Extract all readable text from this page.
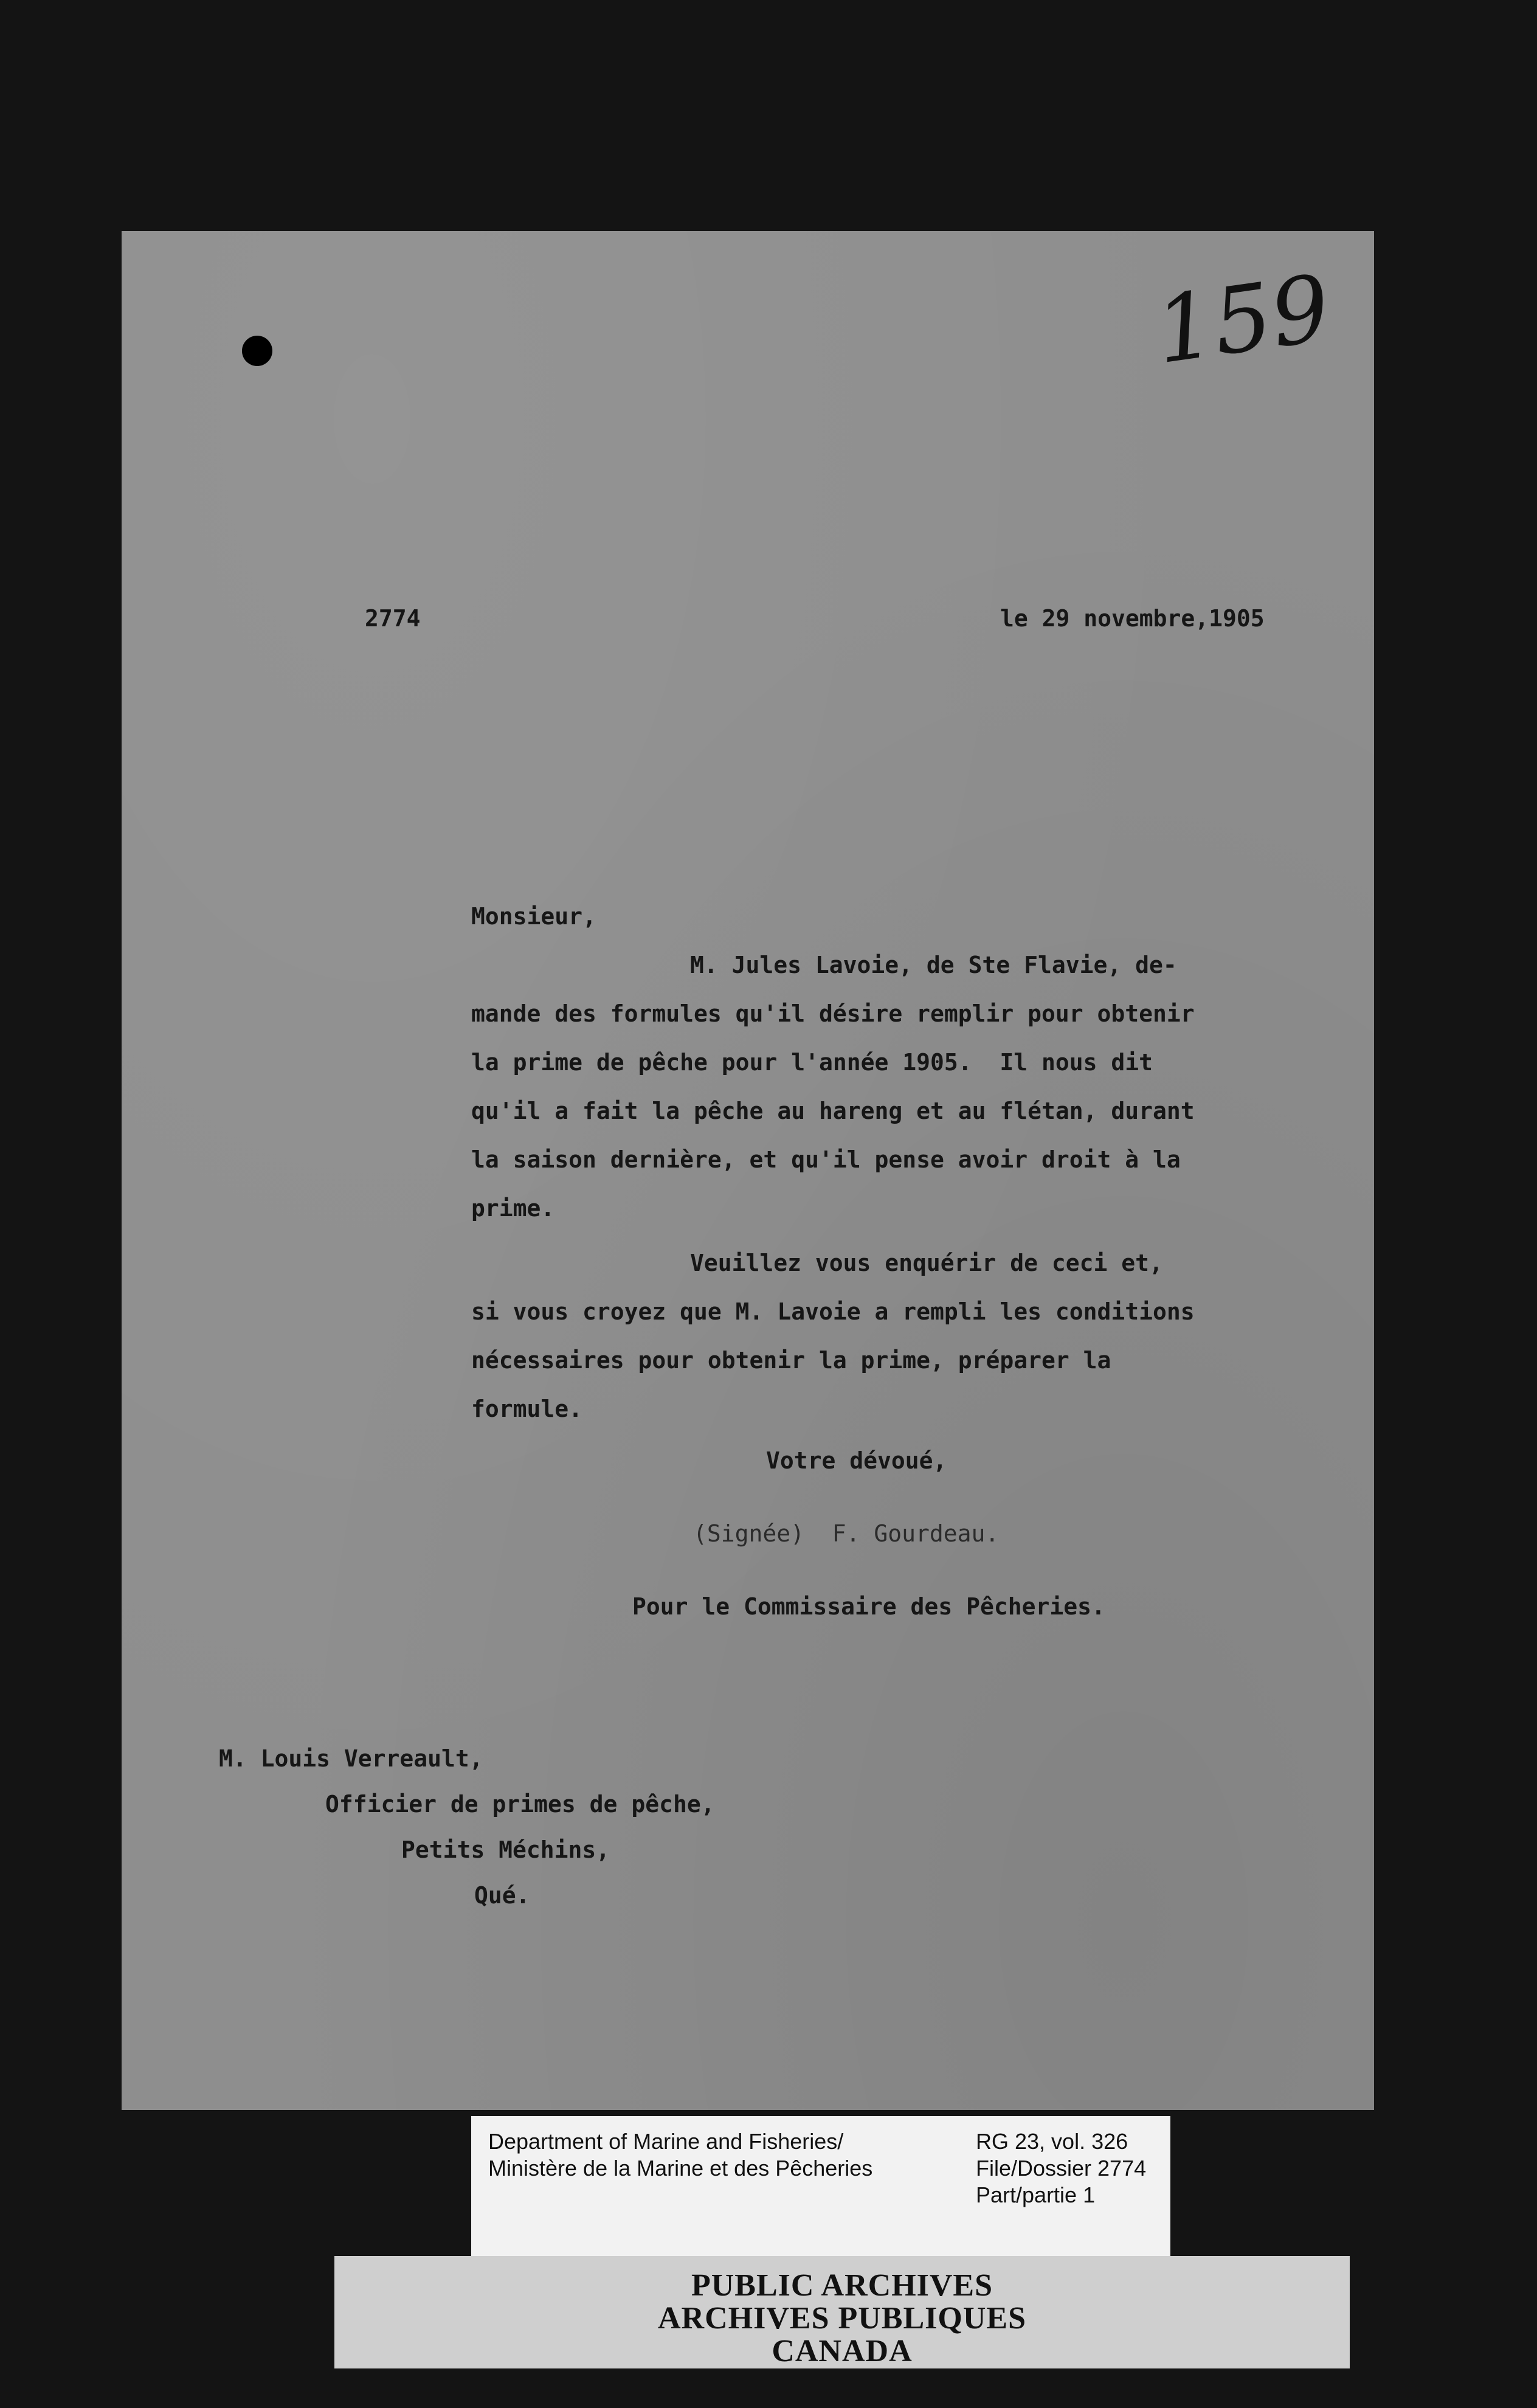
159
2774	le 29 novembre,1905
Monsieur,
M. Jules Lavoie, de Ste Flavie, de-
mande des formules qu'il désire remplir pour obtenir
la prime de pêche pour l'année 1905.  Il nous dit
qu'il a fait la pêche au hareng et au flétan, durant
la saison dernière, et qu'il pense avoir droit à la
prime.
Veuillez vous enquérir de ceci et,
si vous croyez que M. Lavoie a rempli les conditions
nécessaires pour obtenir la prime, préparer la
formule.
Votre dévoué,
(Signée)  F. Gourdeau.
Pour le Commissaire des Pêcheries.
M. Louis Verreault,
Officier de primes de pêche,
Petits Méchins,
Qué.
Department of Marine and Fisheries/
Ministère de la Marine et des Pêcheries
RG 23, vol. 326
File/Dossier 2774
Part/partie 1
PUBLIC ARCHIVES
ARCHIVES PUBLIQUES
CANADA
